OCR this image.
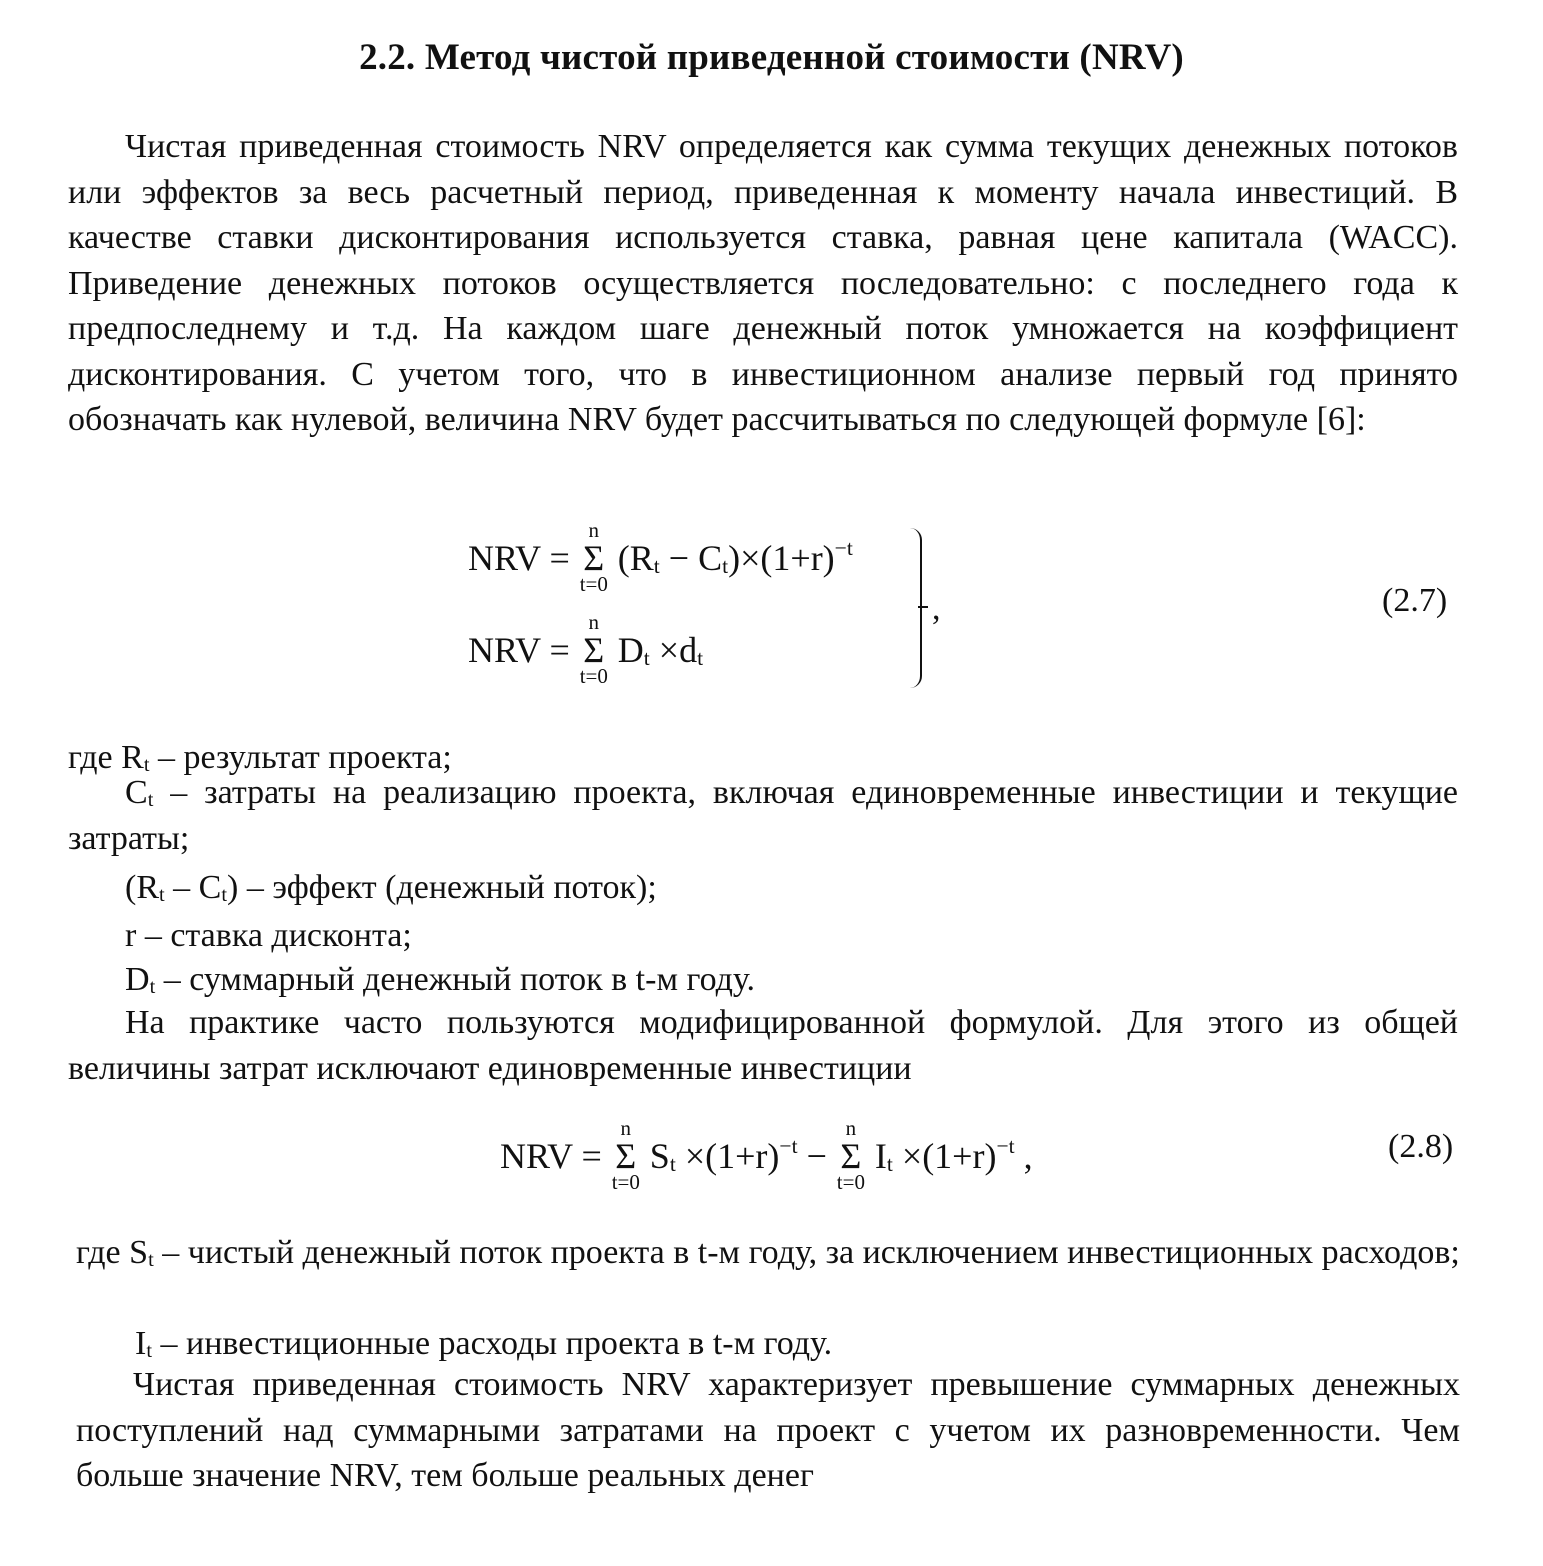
2.2. Метод чистой приведенной стоимости (NRV)

Чистая приведенная стоимость NRV определяется как сумма текущих денежных потоков или эффектов за весь расчетный период, приведенная к моменту начала инвестиций. В качестве ставки дисконтирования используется ставка, равная цене капитала (WACC). Приведение денежных потоков осуществляется последовательно: с последнего года к предпоследнему и т.д. На каждом шаге денежный поток умножается на коэффициент дисконтирования. С учетом того, что в инвестиционном анализе первый год принято обозначать как нулевой, величина NRV будет рассчитываться по следующей формуле [6]:

NRV = Σ
n
t=0
$(R_t - C_t)\times(1+r)^{-t}$
NRV = Σ
n
t=0
$D_t \times d_t$
,	(2.7)

где $R_t$ – результат проекта;

$C_t$ – затраты на реализацию проекта, включая единовременные инвестиции и текущие затраты;

$(R_t - C_t)$ – эффект (денежный поток);

r – ставка дисконта;

$D_t$ – суммарный денежный поток в t-м году.

На практике часто пользуются модифицированной формулой. Для этого из общей величины затрат исключают единовременные инвестиции

NRV = Σ
n
t=0
$S_t \times(1+r)^{-t} - \Sigma$
n
t=0
$I_t \times(1+r)^{-t}$ ,	(2.8)

где $S_t$ – чистый денежный поток проекта в t-м году, за исключением инвестиционных расходов;

$I_t$ – инвестиционные расходы проекта в t-м году.

Чистая приведенная стоимость NRV характеризует превышение суммарных денежных поступлений над суммарными затратами на проект с учетом их разновременности. Чем больше значение NRV, тем больше реальных денег
